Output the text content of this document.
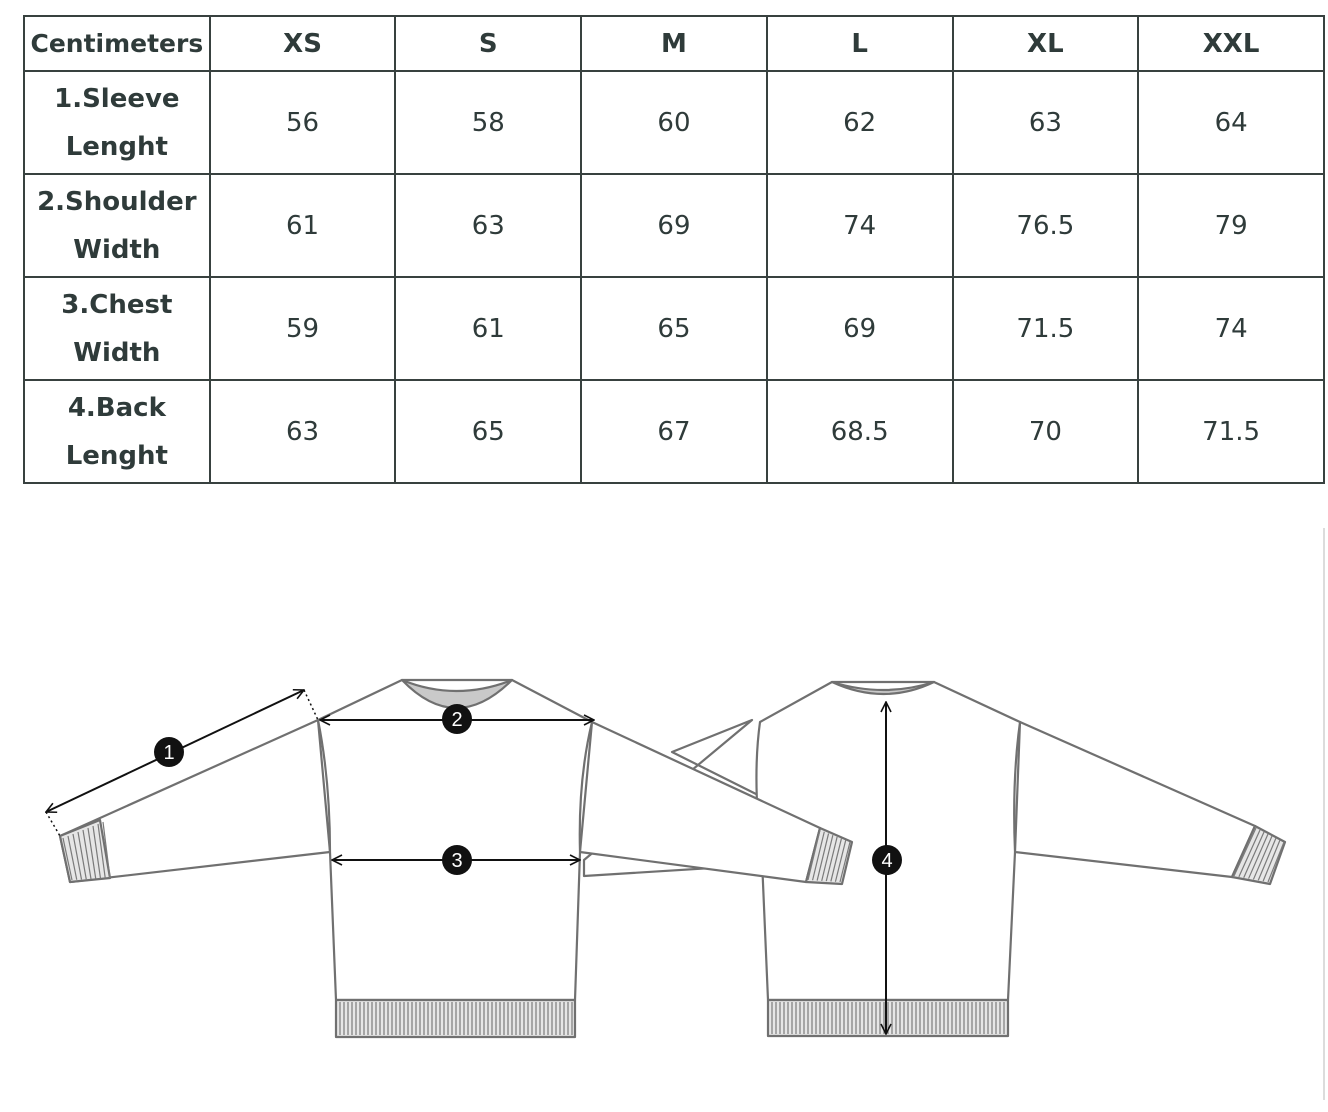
Centimeters	XS	S	M	L	XL	XXL
1.Sleeve
Lenght	56	58	60	62	63	64
2.Shoulder
Width	61	63	69	74	76.5	79
3.Chest
Width	59	61	65	69	71.5	74
4.Back
Lenght	63	65	67	68.5	70	71.5
1
2
3	4
